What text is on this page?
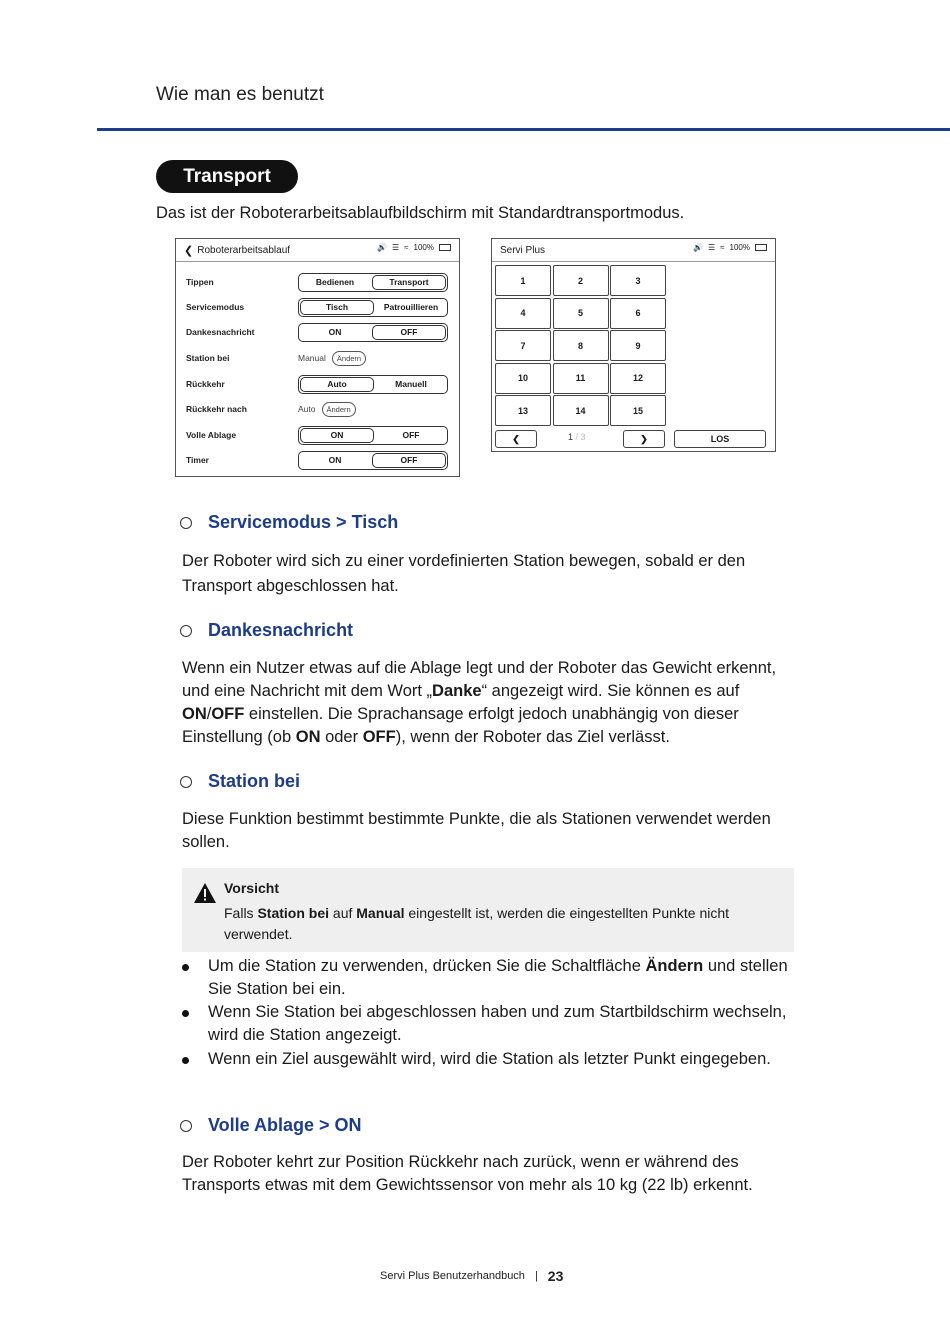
Wie man es benutzt
Transport
Das ist der Roboterarbeitsablaufbildschirm mit Standardtransportmodus.
❮ Roboterarbeitsablauf	🔊 ☰ ≈ 100%
Tippen	Bedienen	Transport
Servicemodus	Tisch	Patrouillieren
Dankesnachricht	ON	OFF
Station bei	Manual	Ändern
Rückkehr	Auto	Manuell
Rückkehr nach	Auto	Ändern
Volle Ablage	ON	OFF
Timer	ON	OFF
Servi Plus	🔊 ☰ ≈ 100%
1	2	3
4	5	6
7	8	9
10	11	12
13	14	15
❮	1 / 3	❯	LOS
Servicemodus > Tisch
Der Roboter wird sich zu einer vordefinierten Station bewegen, sobald er den Transport abgeschlossen hat.
Dankesnachricht
Wenn ein Nutzer etwas auf die Ablage legt und der Roboter das Gewicht erkennt, und eine Nachricht mit dem Wort „Danke“ angezeigt wird. Sie können es auf ON/OFF einstellen. Die Sprachansage erfolgt jedoch unabhängig von dieser Einstellung (ob ON oder OFF), wenn der Roboter das Ziel verlässt.
Station bei
Diese Funktion bestimmt bestimmte Punkte, die als Stationen verwendet werden sollen.
Vorsicht
Falls Station bei auf Manual eingestellt ist, werden die eingestellten Punkte nicht verwendet.
Um die Station zu verwenden, drücken Sie die Schaltfläche Ändern und stellen Sie Station bei ein.
Wenn Sie Station bei abgeschlossen haben und zum Startbildschirm wechseln, wird die Station angezeigt.
Wenn ein Ziel ausgewählt wird, wird die Station als letzter Punkt eingegeben.
Volle Ablage > ON
Der Roboter kehrt zur Position Rückkehr nach zurück, wenn er während des Transports etwas mit dem Gewichtssensor von mehr als 10 kg (22 lb) erkennt.
Servi Plus Benutzerhandbuch | 23
